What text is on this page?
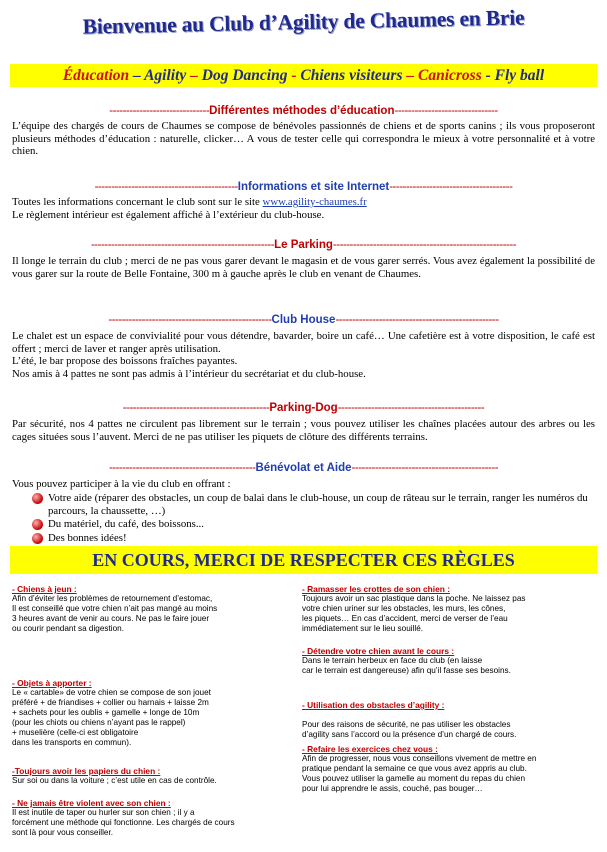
Bienvenue au Club d’Agility de Chaumes en Brie
Éducation – Agility – Dog Dancing - Chiens visiteurs – Canicross - Fly ball
------------------------------Différentes méthodes d’éducation-------------------------------
L’équipe des chargés de cours de Chaumes se compose de bénévoles passionnés de chiens et de sports canins ; ils vous proposeront plusieurs méthodes d’éducation : naturelle, clicker… A vous de tester celle qui correspondra le mieux à votre personnalité et à votre chien.
-------------------------------------------Informations et site Internet-------------------------------------
Toutes les informations concernant le club sont sur le site www.agility-chaumes.fr
Le règlement intérieur est également affiché à l’extérieur du club-house.
-------------------------------------------------------Le Parking-------------------------------------------------------
Il longe le terrain du club ; merci de ne pas vous garer devant le magasin et de vous garer serrés. Vous avez également la possibilité de vous garer sur la route de Belle Fontaine, 300 m à gauche après le club en venant de Chaumes.
-------------------------------------------------Club House-------------------------------------------------
Le chalet est un espace de convivialité pour vous détendre, bavarder, boire un café… Une cafetière est à votre disposition, le café est offert ; merci de laver et ranger après utilisation.
L’été, le bar propose des boissons fraîches payantes.
Nos amis à 4 pattes ne sont pas admis à l’intérieur du secrétariat et du club-house.
--------------------------------------------Parking-Dog--------------------------------------------
Par sécurité, nos 4 pattes ne circulent pas librement sur le terrain ; vous pouvez utiliser les chaînes placées autour des arbres ou les cages situées sous l’auvent. Merci de ne pas utiliser les piquets de clôture des différents terrains.
--------------------------------------------Bénévolat et Aide--------------------------------------------
Vous pouvez participer à la vie du club en offrant :
Votre aide (réparer des obstacles, un coup de balai dans le club-house, un coup de râteau sur le terrain, ranger les numéros du parcours, la chaussette, …)
Du matériel, du café, des boissons...
Des bonnes idées!
EN COURS, MERCI DE RESPECTER CES RÈGLES
- Chiens à jeun :
Afin d’éviter les problèmes de retournement d’estomac,
Il est conseillé que votre chien n’ait pas mangé au moins
3 heures avant de venir au cours. Ne pas le faire jouer
ou courir pendant sa digestion.
- Objets à apporter :
Le « cartable» de votre chien se compose de son jouet
préféré + de friandises + collier ou harnais + laisse 2m
+ sachets pour les oublis + gamelle + longe de 10m
(pour les chiots ou chiens n’ayant pas le rappel)
+ muselière (celle-ci est obligatoire
dans les transports en commun).
-Toujours avoir les papiers du chien :
Sur soi ou dans la voiture ; c’est utile en cas de contrôle.
- Ne jamais être violent avec son chien :
Il est inutile de taper ou hurler sur son chien ; il y a
forcément une méthode qui fonctionne. Les chargés de cours
sont là pour vous conseiller.
- Ramasser les crottes de son chien :
Toujours avoir un sac plastique dans la poche. Ne laissez pas
votre chien uriner sur les obstacles, les murs, les cônes,
les piquets… En cas d’accident, merci de verser de l’eau
immédiatement sur le lieu souillé.
- Détendre votre chien avant le cours :
Dans le terrain herbeux en face du club (en laisse
car le terrain est dangereuse) afin qu’il fasse ses besoins.
- Utilisation des obstacles d’agility :

Pour des raisons de sécurité, ne pas utiliser les obstacles
d’agility sans l’accord ou la présence d’un chargé de cours.
- Refaire les exercices chez vous :
Afin de progresser, nous vous conseillons vivement de mettre en
pratique pendant la semaine ce que vous avez appris au club.
Vous pouvez utiliser la gamelle au moment du repas du chien
pour lui apprendre le assis, couché, pas bouger…
